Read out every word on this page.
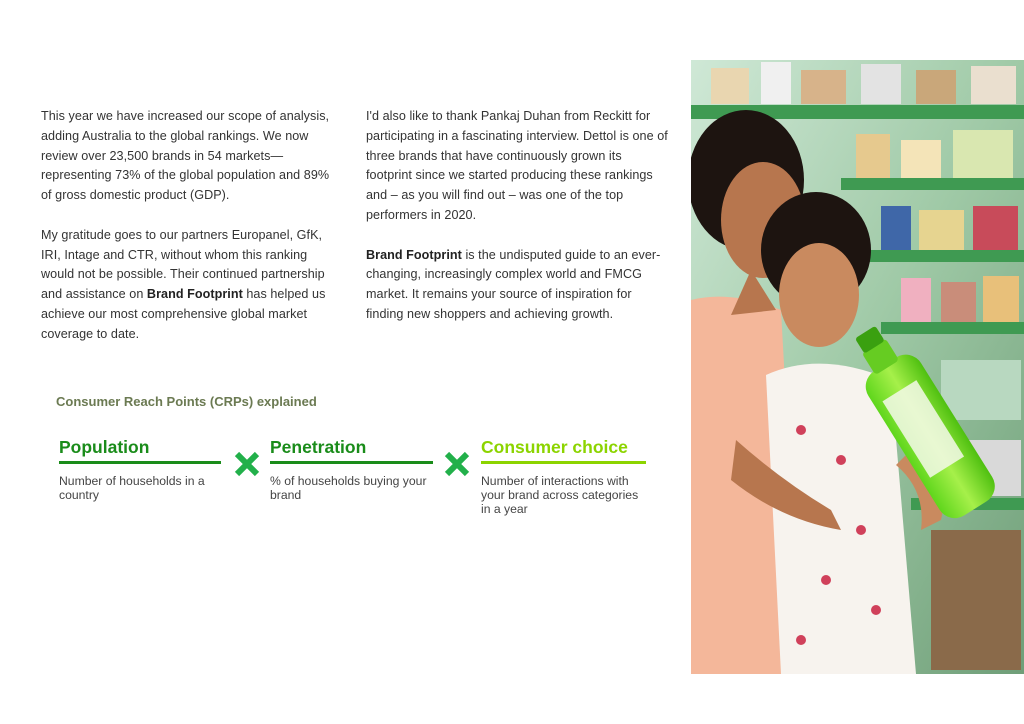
This year we have increased our scope of analysis, adding Australia to the global rankings. We now review over 23,500 brands in 54 markets—representing 73% of the global population and 89% of gross domestic product (GDP).

My gratitude goes to our partners Europanel, GfK, IRI, Intage and CTR, without whom this ranking would not be possible. Their continued partnership and assistance on Brand Footprint has helped us achieve our most comprehensive global market coverage to date.

I'd also like to thank Pankaj Duhan from Reckitt for participating in a fascinating interview. Dettol is one of three brands that have continuously grown its footprint since we started producing these rankings and – as you will find out – was one of the top performers in 2020.

Brand Footprint is the undisputed guide to an ever-changing, increasingly complex world and FMCG market. It remains your source of inspiration for finding new shoppers and achieving growth.

Consumer Reach Points (CRPs) explained
Population
Number of households in a country
Penetration
% of households buying your brand
Consumer choice
Number of interactions with your brand across categories in a year
